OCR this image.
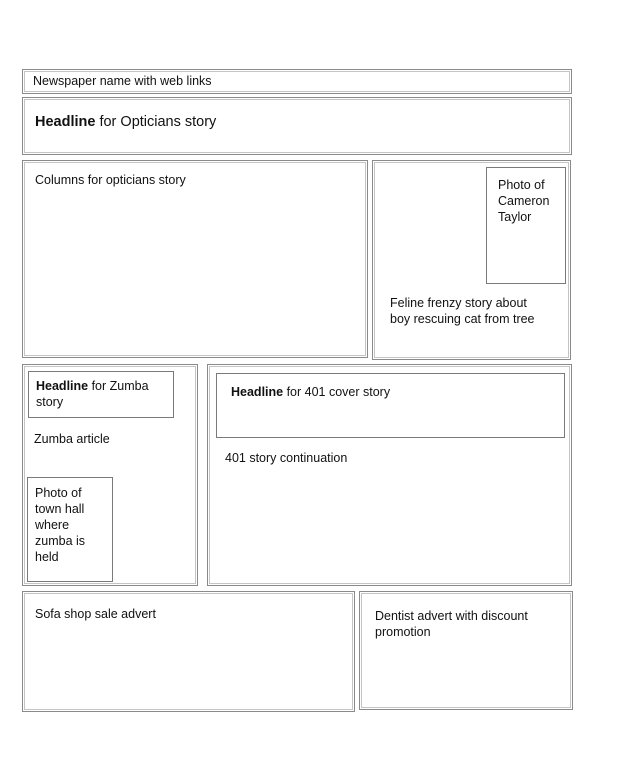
Newspaper name with web links
Headline for Opticians story
Columns for opticians story	Photo of
Cameron
Taylor
Feline frenzy story about
boy rescuing cat from tree
Headline for Zumba
story
Zumba article
Photo of
town hall
where
zumba is
held
Headline for 401 cover story
401 story continuation
Sofa shop sale advert	Dentist advert with discount
promotion
